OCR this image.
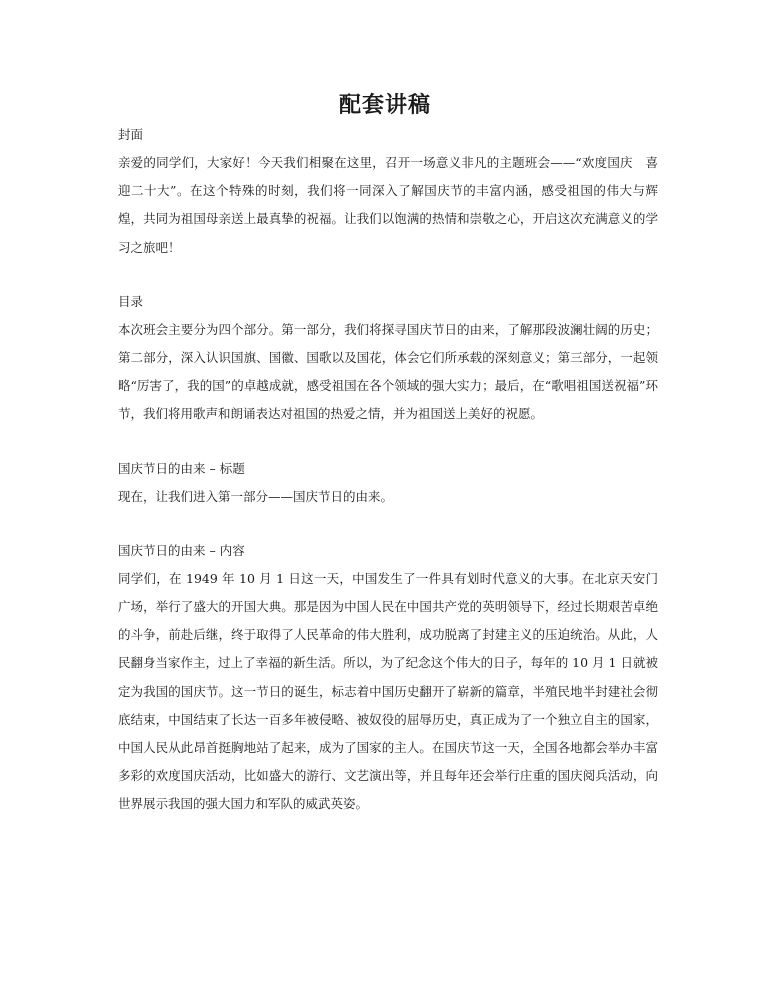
配套讲稿
封面

亲爱的同学们，大家好！今天我们相聚在这里，召开一场意义非凡的主题班会——“欢度国庆　喜迎二十大”。在这个特殊的时刻，我们将一同深入了解国庆节的丰富内涵，感受祖国的伟大与辉煌，共同为祖国母亲送上最真挚的祝福。让我们以饱满的热情和崇敬之心，开启这次充满意义的学习之旅吧！

目录

本次班会主要分为四个部分。第一部分，我们将探寻国庆节日的由来，了解那段波澜壮阔的历史；第二部分，深入认识国旗、国徽、国歌以及国花，体会它们所承载的深刻意义；第三部分，一起领略“厉害了，我的国”的卓越成就，感受祖国在各个领域的强大实力；最后，在“歌唱祖国送祝福”环节，我们将用歌声和朗诵表达对祖国的热爱之情，并为祖国送上美好的祝愿。

国庆节日的由来 – 标题

现在，让我们进入第一部分——国庆节日的由来。

国庆节日的由来 – 内容

同学们，在 1949 年 10 月 1 日这一天，中国发生了一件具有划时代意义的大事。在北京天安门广场，举行了盛大的开国大典。那是因为中国人民在中国共产党的英明领导下，经过长期艰苦卓绝的斗争，前赴后继，终于取得了人民革命的伟大胜利，成功脱离了封建主义的压迫统治。从此，人民翻身当家作主，过上了幸福的新生活。所以，为了纪念这个伟大的日子，每年的 10 月 1 日就被定为我国的国庆节。这一节日的诞生，标志着中国历史翻开了崭新的篇章，半殖民地半封建社会彻底结束，中国结束了长达一百多年被侵略、被奴役的屈辱历史，真正成为了一个独立自主的国家，中国人民从此昂首挺胸地站了起来，成为了国家的主人。在国庆节这一天，全国各地都会举办丰富多彩的欢度国庆活动，比如盛大的游行、文艺演出等，并且每年还会举行庄重的国庆阅兵活动，向世界展示我国的强大国力和军队的威武英姿。
